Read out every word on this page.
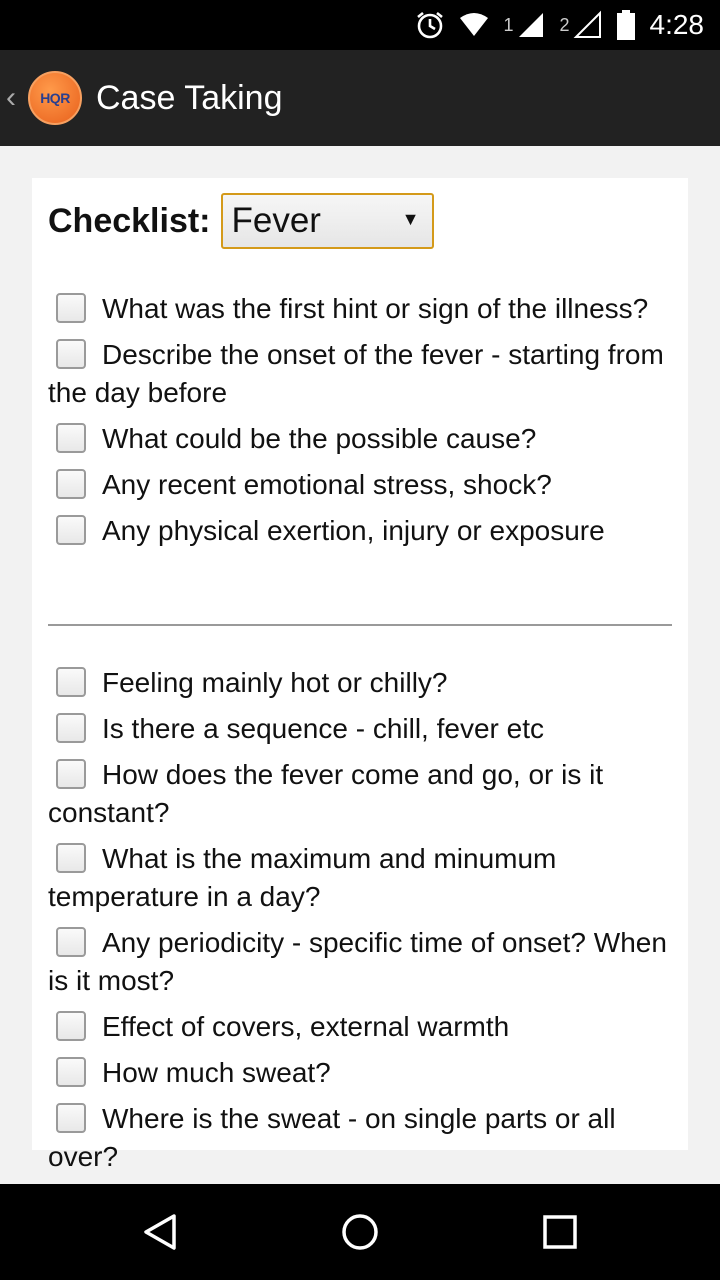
1	2	4:28
‹	HQR Case Taking
Checklist: Fever	▼
What was the first hint or sign of the illness?
Describe the onset of the fever - starting from the day before
What could be the possible cause?
Any recent emotional stress, shock?
Any physical exertion, injury or exposure
Feeling mainly hot or chilly?
Is there a sequence - chill, fever etc
How does the fever come and go, or is it constant?
What is the maximum and minumum temperature in a day?
Any periodicity - specific time of onset? When is it most?
Effect of covers, external warmth
How much sweat?
Where is the sweat - on single parts or all over?
